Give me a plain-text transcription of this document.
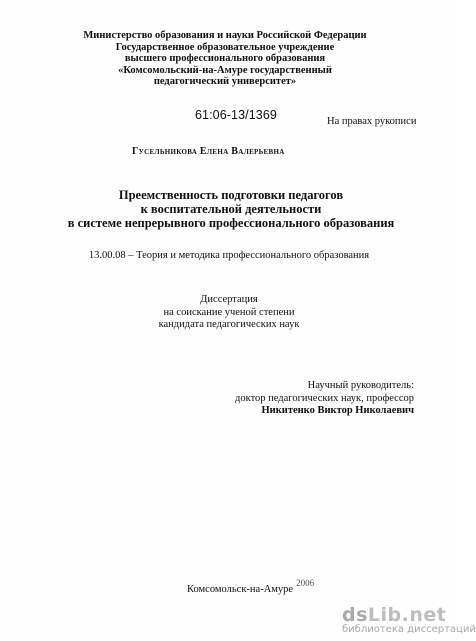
Министерство образования и науки Российской Федерации
Государственное образовательное учреждение
высшего профессионального образования
«Комсомольский-на-Амуре государственный
педагогический университет»
61:06-13/1369	На правах рукописи
Гусельникова Елена Валерьевна
Преемственность подготовки педагогов
к воспитательной деятельности
в системе непрерывного профессионального образования
13.00.08 – Теория и методика профессионального образования
Диссертация
на соискание ученой степени
кандидата педагогических наук
Научный руководитель:
доктор педагогических наук, профессор
Никитенко Виктор Николаевич
Комсомольск-на-Амуре2006
dsLib.net
библиотека диссертаций
